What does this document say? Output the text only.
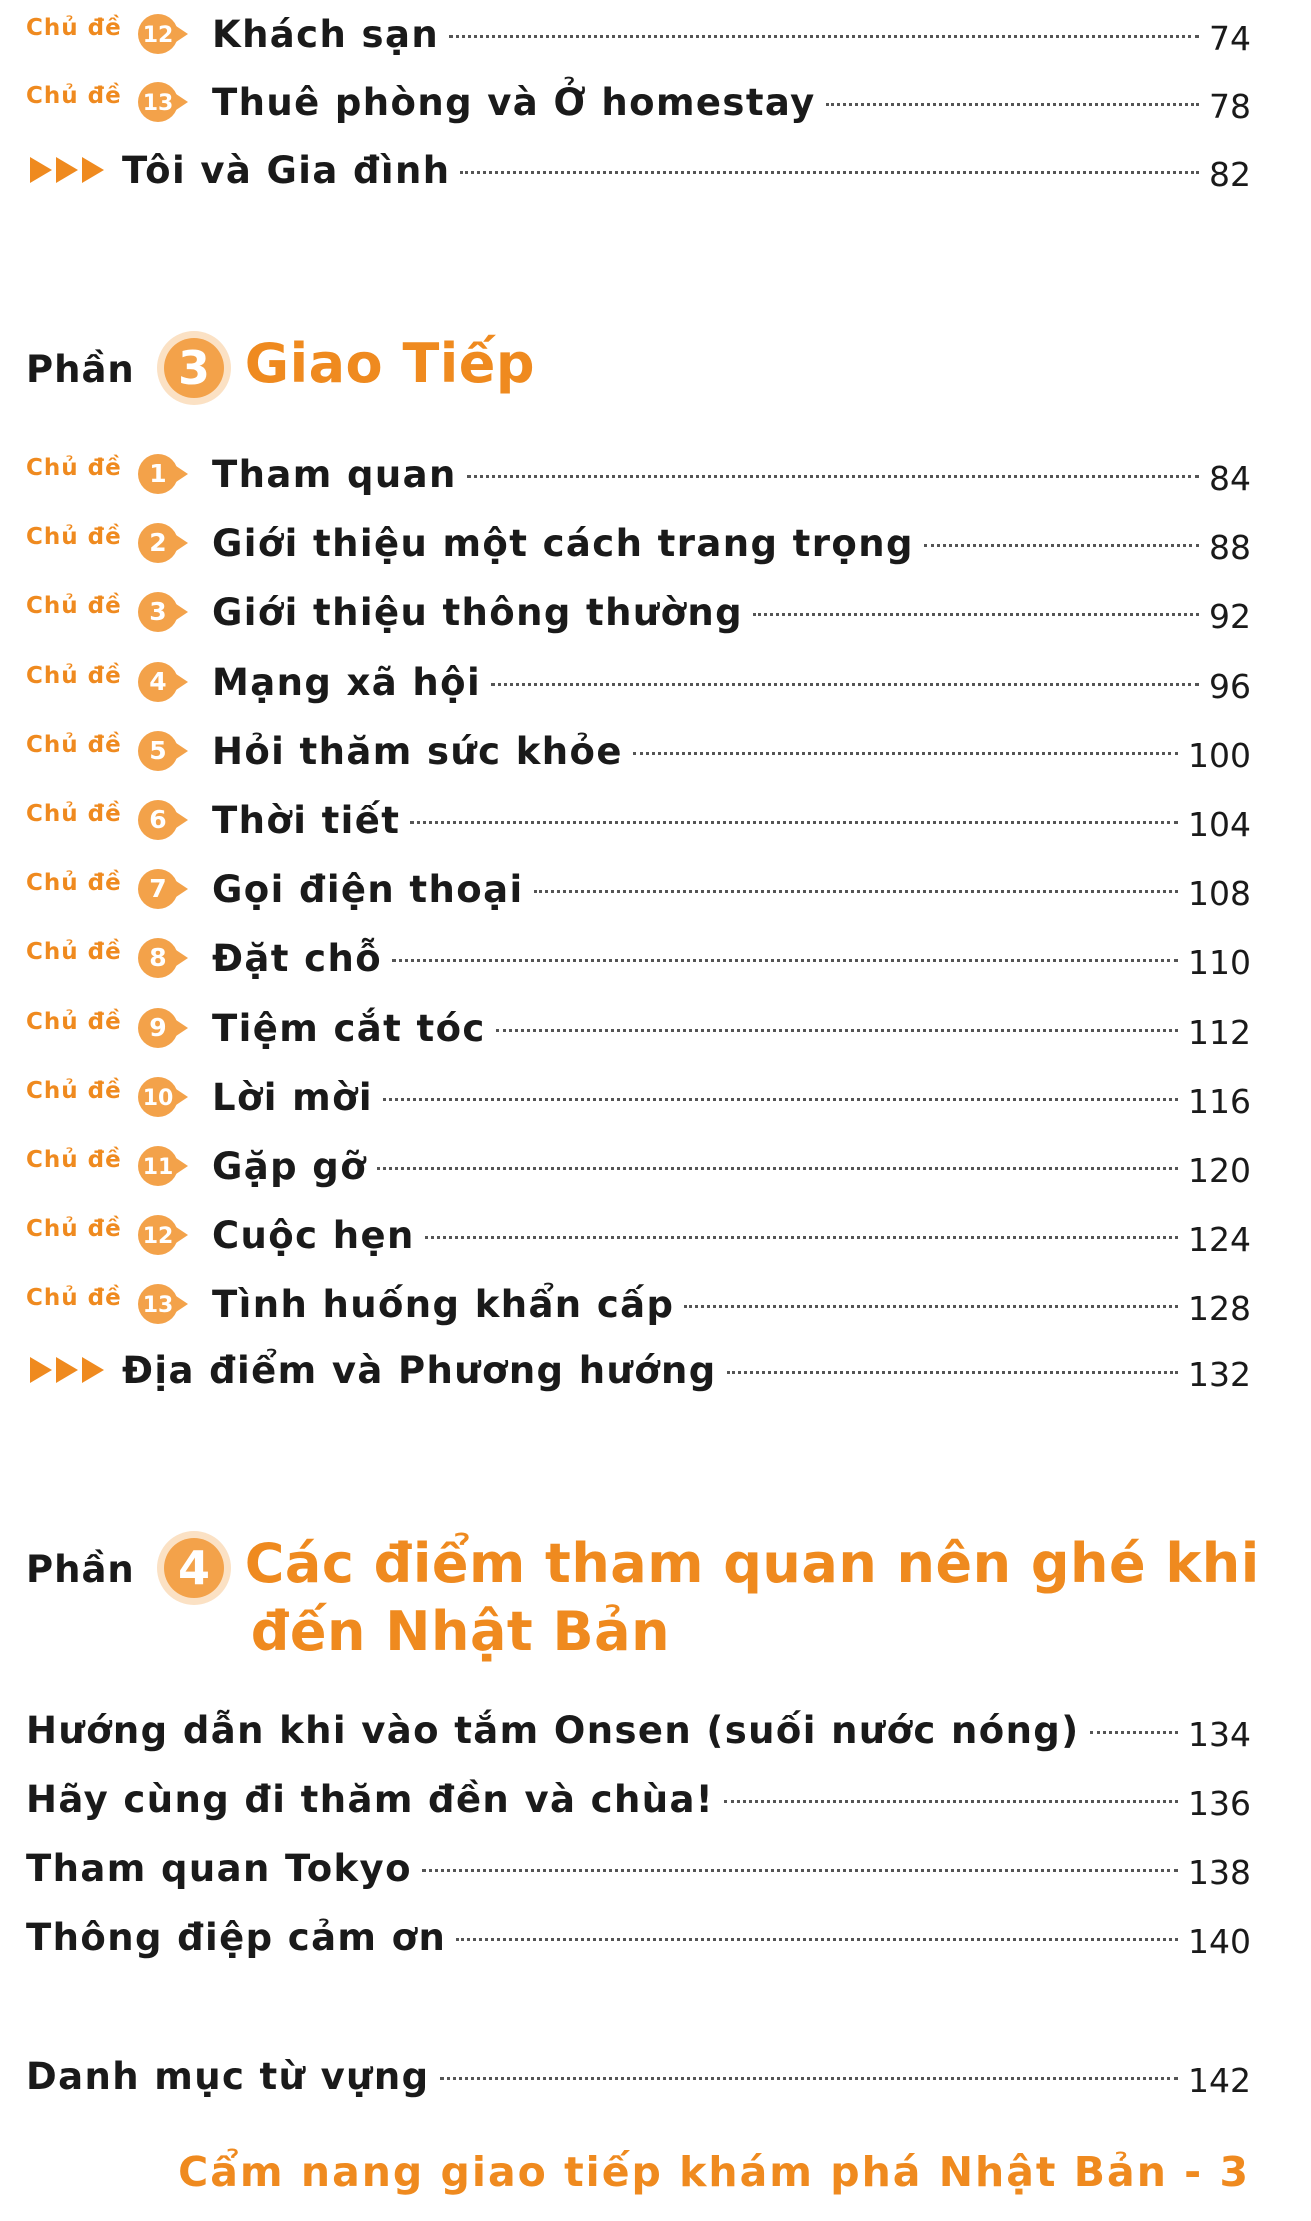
Chủ đề 12 Khách sạn	74
Chủ đề 13 Thuê phòng và Ở homestay	78
Tôi và Gia đình	82
Phần 3 Giao Tiếp
Chủ đề	1 Tham quan	84
Chủ đề	2 Giới thiệu một cách trang trọng	88
Chủ đề	3 Giới thiệu thông thường	92
Chủ đề	4 Mạng xã hội	96
Chủ đề	5 Hỏi thăm sức khỏe	100
Chủ đề	6 Thời tiết	104
Chủ đề	7 Gọi điện thoại	108
Chủ đề	8 Đặt chỗ	110
Chủ đề	9 Tiệm cắt tóc	112
Chủ đề 10 Lời mời	116
Chủ đề 11 Gặp gỡ	120
Chủ đề 12 Cuộc hẹn	124
Chủ đề 13 Tình huống khẩn cấp	128
Địa điểm và Phương hướng	132
Phần 4 Các điểm tham quan nên ghé khi
đến Nhật Bản
Hướng dẫn khi vào tắm Onsen (suối nước nóng)	134
Hãy cùng đi thăm đền và chùa!	136
Tham quan Tokyo	138
Thông điệp cảm ơn	140
Danh mục từ vựng	142
Cẩm nang giao tiếp khám phá Nhật Bản - 3
